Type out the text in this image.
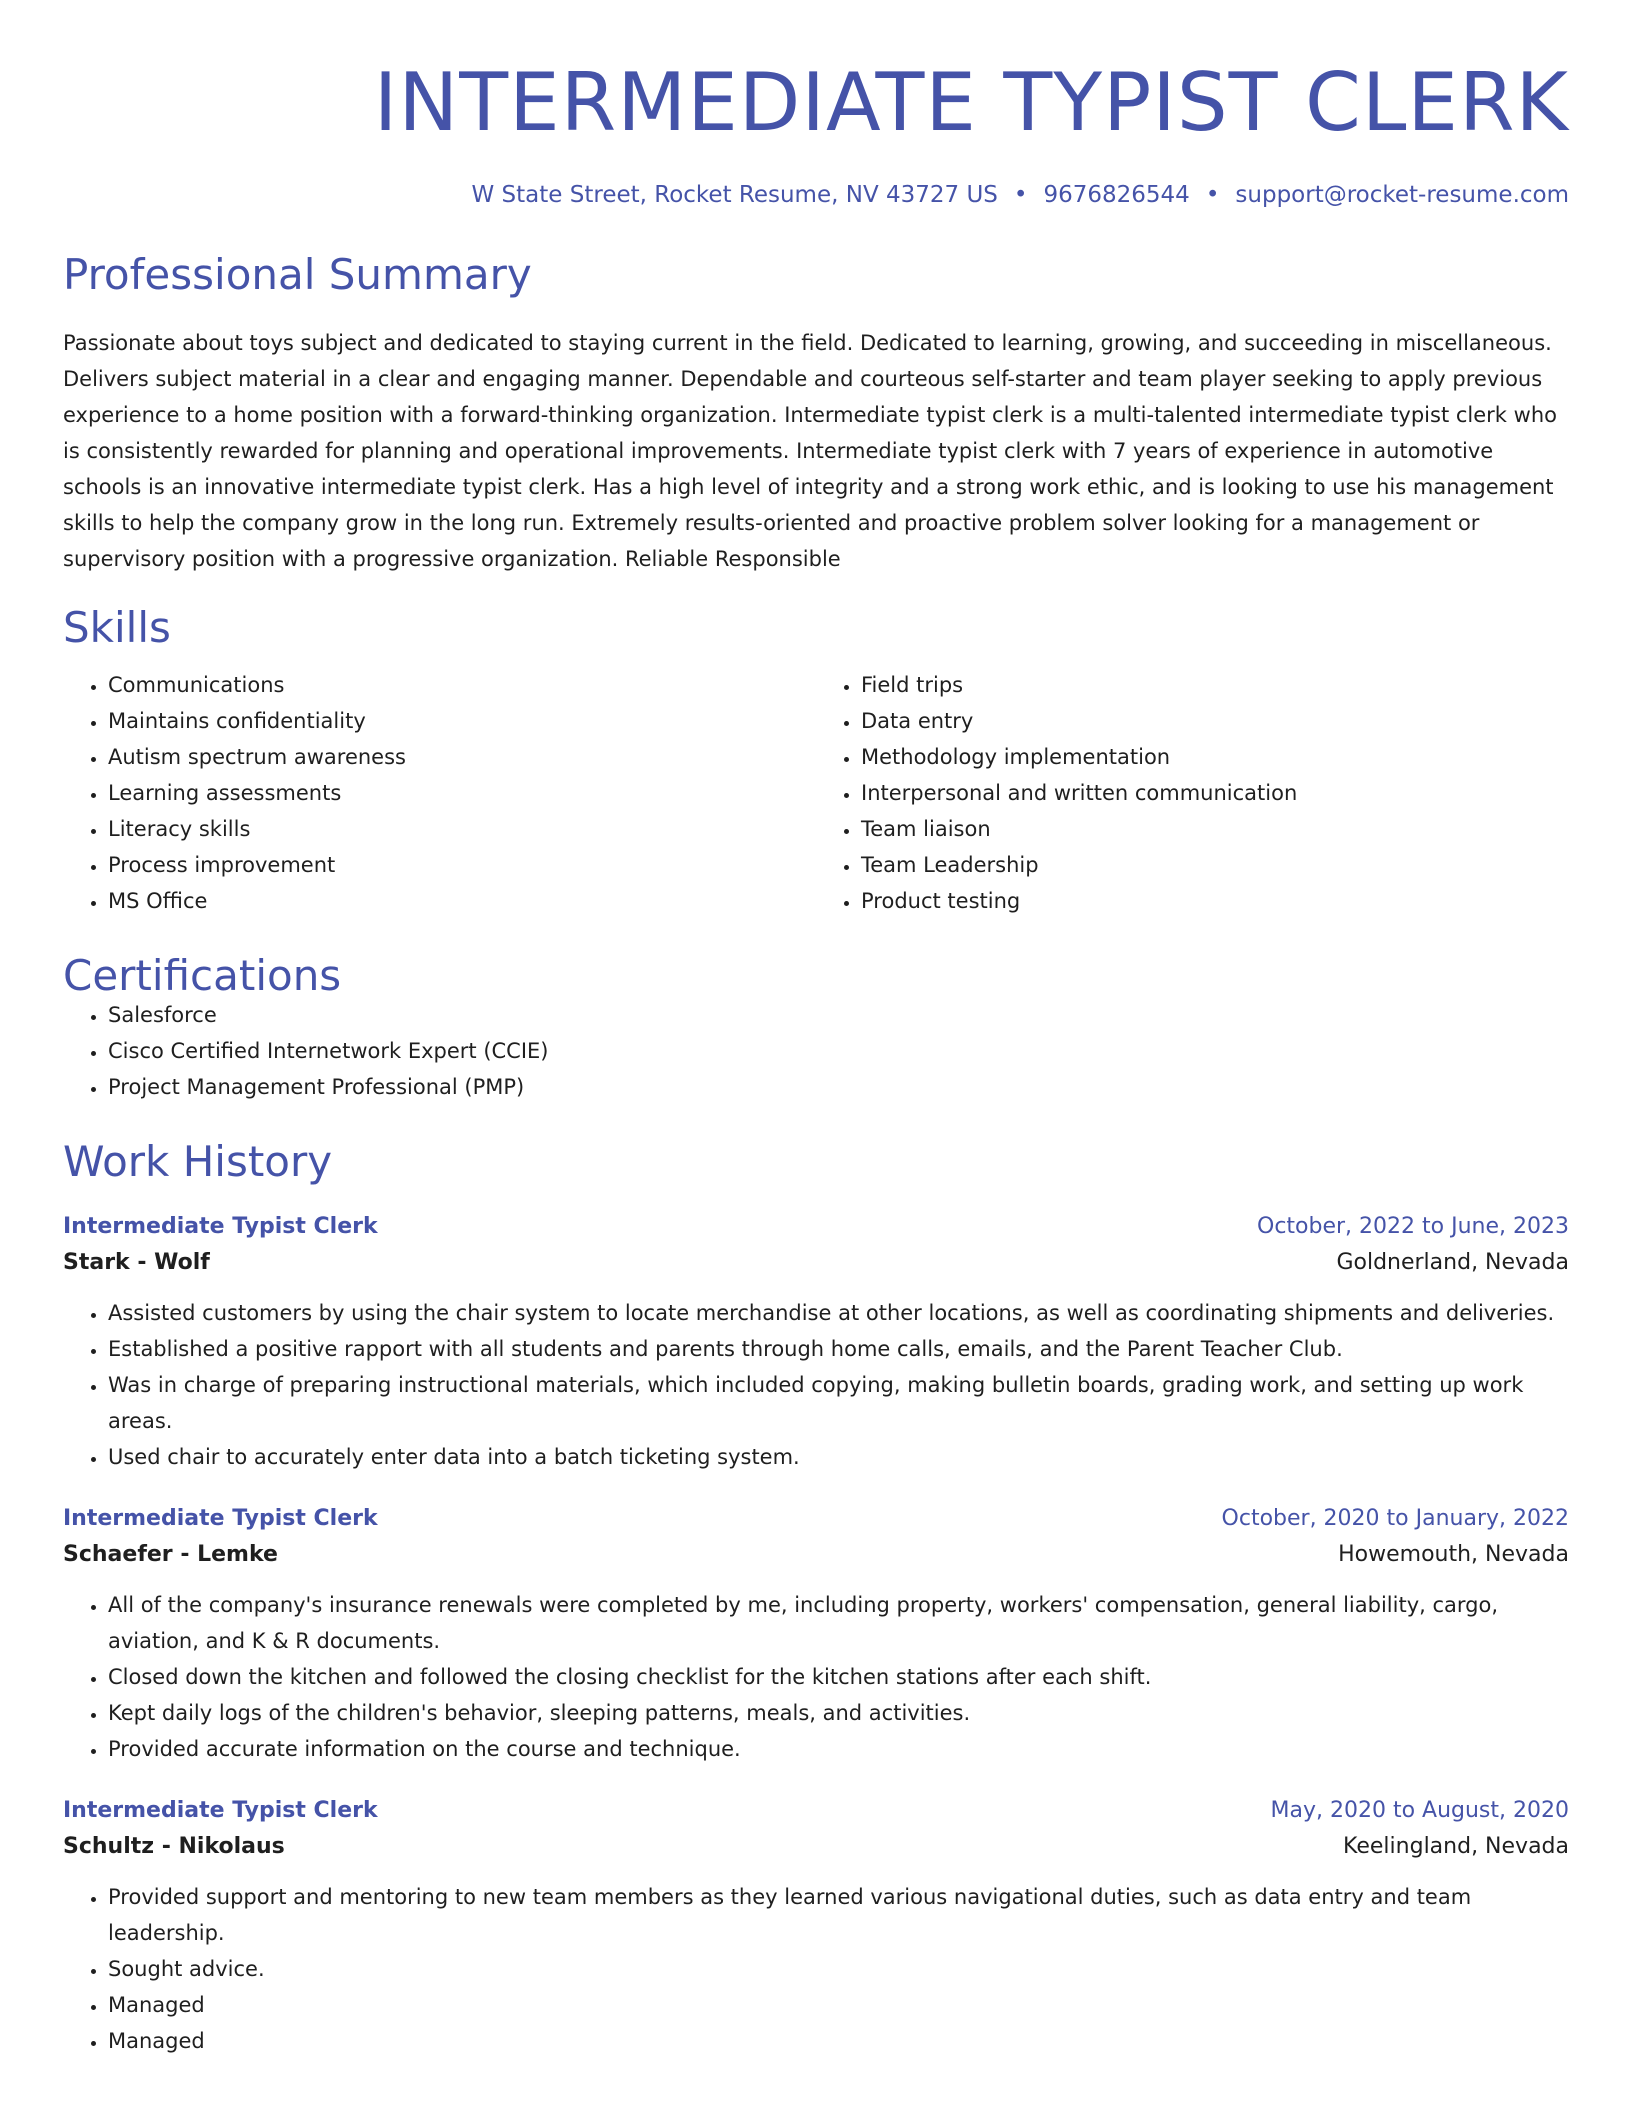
INTERMEDIATE TYPIST CLERK
W State Street, Rocket Resume, NV 43727 US • 9676826544 • support@rocket-resume.com
Professional Summary

Passionate about toys subject and dedicated to staying current in the field. Dedicated to learning, growing, and succeeding in miscellaneous. Delivers subject material in a clear and engaging manner. Dependable and courteous self-starter and team player seeking to apply previous experience to a home position with a forward-thinking organization. Intermediate typist clerk is a multi-talented intermediate typist clerk who is consistently rewarded for planning and operational improvements. Intermediate typist clerk with 7 years of experience in automotive schools is an innovative intermediate typist clerk. Has a high level of integrity and a strong work ethic, and is looking to use his management skills to help the company grow in the long run. Extremely results-oriented and proactive problem solver looking for a management or supervisory position with a progressive organization. Reliable Responsible

Skills
• Communications
• Maintains confidentiality
• Autism spectrum awareness
• Learning assessments
• Literacy skills
• Process improvement
• MS Office
• Field trips
• Data entry
• Methodology implementation
• Interpersonal and written communication
• Team liaison
• Team Leadership
• Product testing
Certifications
• Salesforce
• Cisco Certified Internetwork Expert (CCIE)
• Project Management Professional (PMP)
Work History
Intermediate Typist Clerk	October, 2022 to June, 2023
Stark - Wolf	Goldnerland, Nevada
• Assisted customers by using the chair system to locate merchandise at other locations, as well as coordinating shipments and deliveries.
• Established a positive rapport with all students and parents through home calls, emails, and the Parent Teacher Club.
• Was in charge of preparing instructional materials, which included copying, making bulletin boards, grading work, and setting up work areas.
• Used chair to accurately enter data into a batch ticketing system.
Intermediate Typist Clerk	October, 2020 to January, 2022
Schaefer - Lemke	Howemouth, Nevada
• All of the company's insurance renewals were completed by me, including property, workers' compensation, general liability, cargo, aviation, and K & R documents.
• Closed down the kitchen and followed the closing checklist for the kitchen stations after each shift.
• Kept daily logs of the children's behavior, sleeping patterns, meals, and activities.
• Provided accurate information on the course and technique.
Intermediate Typist Clerk	May, 2020 to August, 2020
Schultz - Nikolaus	Keelingland, Nevada
• Provided support and mentoring to new team members as they learned various navigational duties, such as data entry and team leadership.
• Sought advice.
• Managed
• Managed
